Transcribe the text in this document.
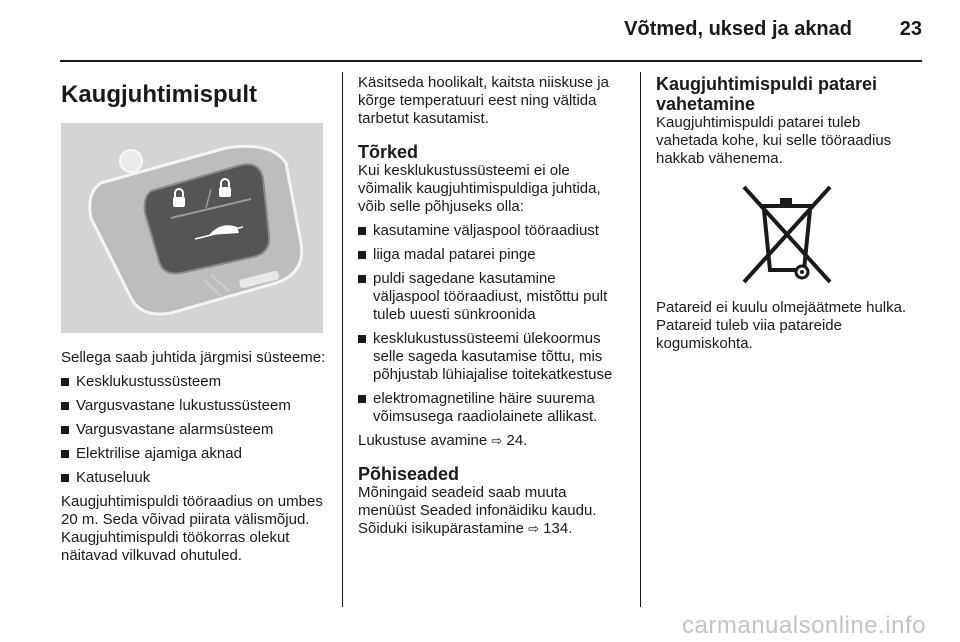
Võtmed, uksed ja aknad 23
Kaugjuhtimispult

Sellega saab juhtida järgmisi süsteeme:

Kesklukustussüsteem
Vargusvastane lukustussüsteem
Vargusvastane alarmsüsteem
Elektrilise ajamiga aknad
Katuseluuk

Kaugjuhtimispuldi tööraadius on umbes 20 m. Seda võivad piirata välismõjud. Kaugjuhtimispuldi töökorras olekut näitavad vilkuvad ohutuled.

Käsitseda hoolikalt, kaitsta niiskuse ja kõrge temperatuuri eest ning vältida tarbetut kasutamist.

Tõrked

Kui kesklukustussüsteemi ei ole võimalik kaugjuhtimispuldiga juhtida, võib selle põhjuseks olla:

kasutamine väljaspool tööraadiust
liiga madal patarei pinge
puldi sagedane kasutamine väljaspool tööraadiust, mistõttu pult tuleb uuesti sünkroonida
kesklukustussüsteemi ülekoormus selle sageda kasutamise tõttu, mis põhjustab lühiajalise toitekatkestuse
elektromagnetiline häire suurema võimsusega raadiolainete allikast.

Lukustuse avamine ⇨ 24.

Põhiseaded

Mõningaid seadeid saab muuta menüüst Seaded infonäidiku kaudu. Sõiduki isikupärastamine ⇨ 134.

Kaugjuhtimispuldi patarei vahetamine

Kaugjuhtimispuldi patarei tuleb vahetada kohe, kui selle tööraadius hakkab vähenema.

Patareid ei kuulu olmejäätmete hulka. Patareid tuleb viia patareide kogumiskohta.

carmanualsonline.info
